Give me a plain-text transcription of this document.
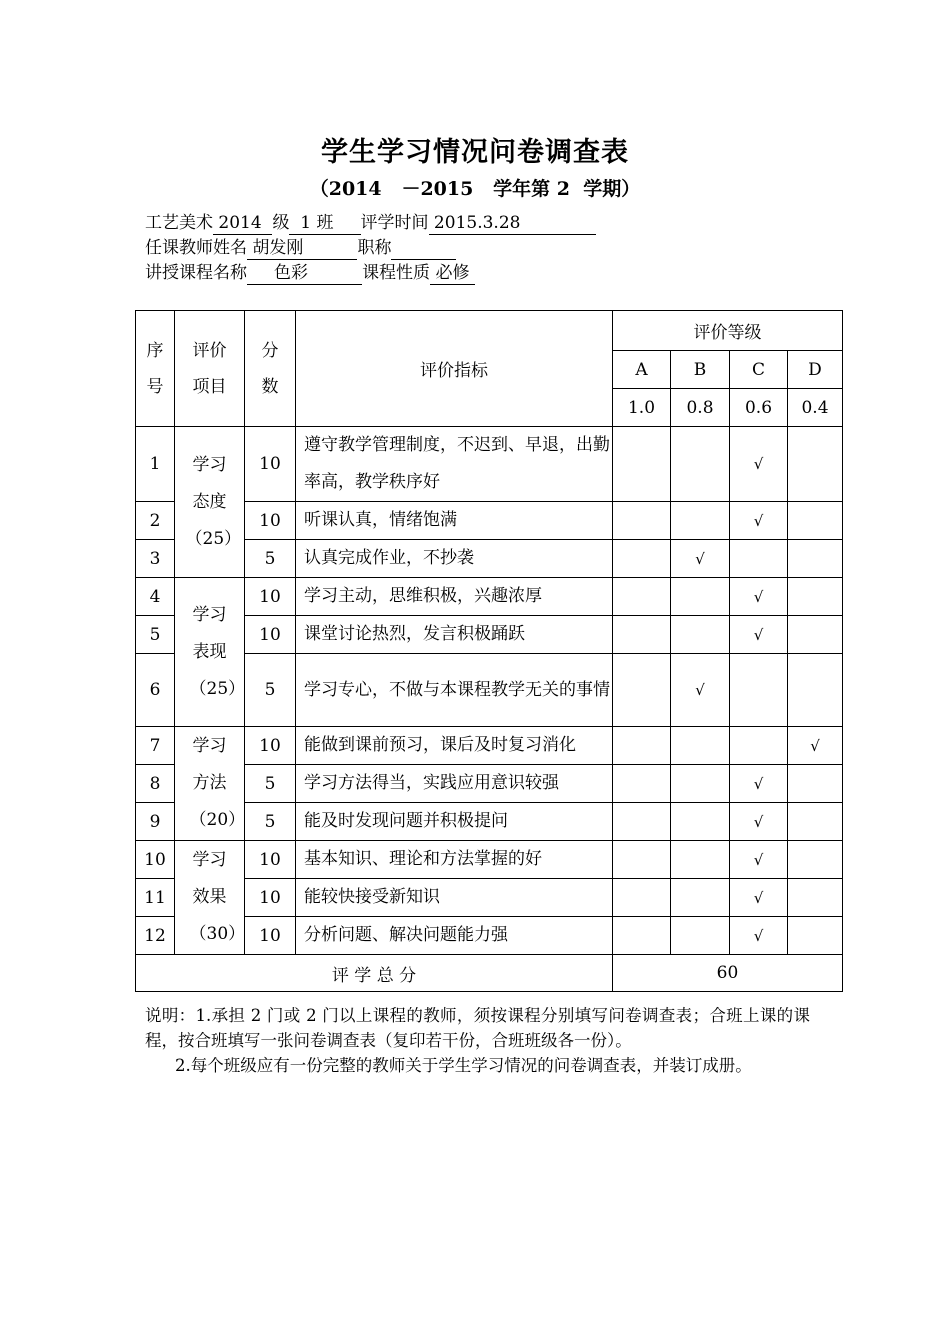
学生学习情况问卷调查表
（2014   －2015   学年第 2  学期）
工艺美术 2014  级  1 班     评学时间 2015.3.28
任课教师姓名 胡发刚          职称
讲授课程名称     色彩          课程性质 必修
序号	评价项目	分数	评价指标	评价等级			
				A	B	C	D
				1.0	0.8	0.6	0.4
1	学习态度（25）	10	遵守教学管理制度，不迟到、早退，出勤率高，教学秩序好			√	
2		10	听课认真，情绪饱满			√	
3		5	认真完成作业，不抄袭		√		
4	学习表现（25）	10	学习主动，思维积极，兴趣浓厚			√	
5		10	课堂讨论热烈，发言积极踊跃			√	
6		5	学习专心，不做与本课程教学无关的事情		√		
7	学习方法（20）	10	能做到课前预习，课后及时复习消化				√
8		5	学习方法得当，实践应用意识较强			√	
9		5	能及时发现问题并积极提问			√	
10	学习效果（30）	10	基本知识、理论和方法掌握的好			√	
11		10	能较快接受新知识			√	
12		10	分析问题、解决问题能力强			√	
评 学 总 分				60			

说明：1.承担 2 门或 2 门以上课程的教师，须按课程分别填写问卷调查表；合班上课的课程，按合班填写一张问卷调查表（复印若干份，合班班级各一份）。

2.每个班级应有一份完整的教师关于学生学习情况的问卷调查表，并装订成册。
